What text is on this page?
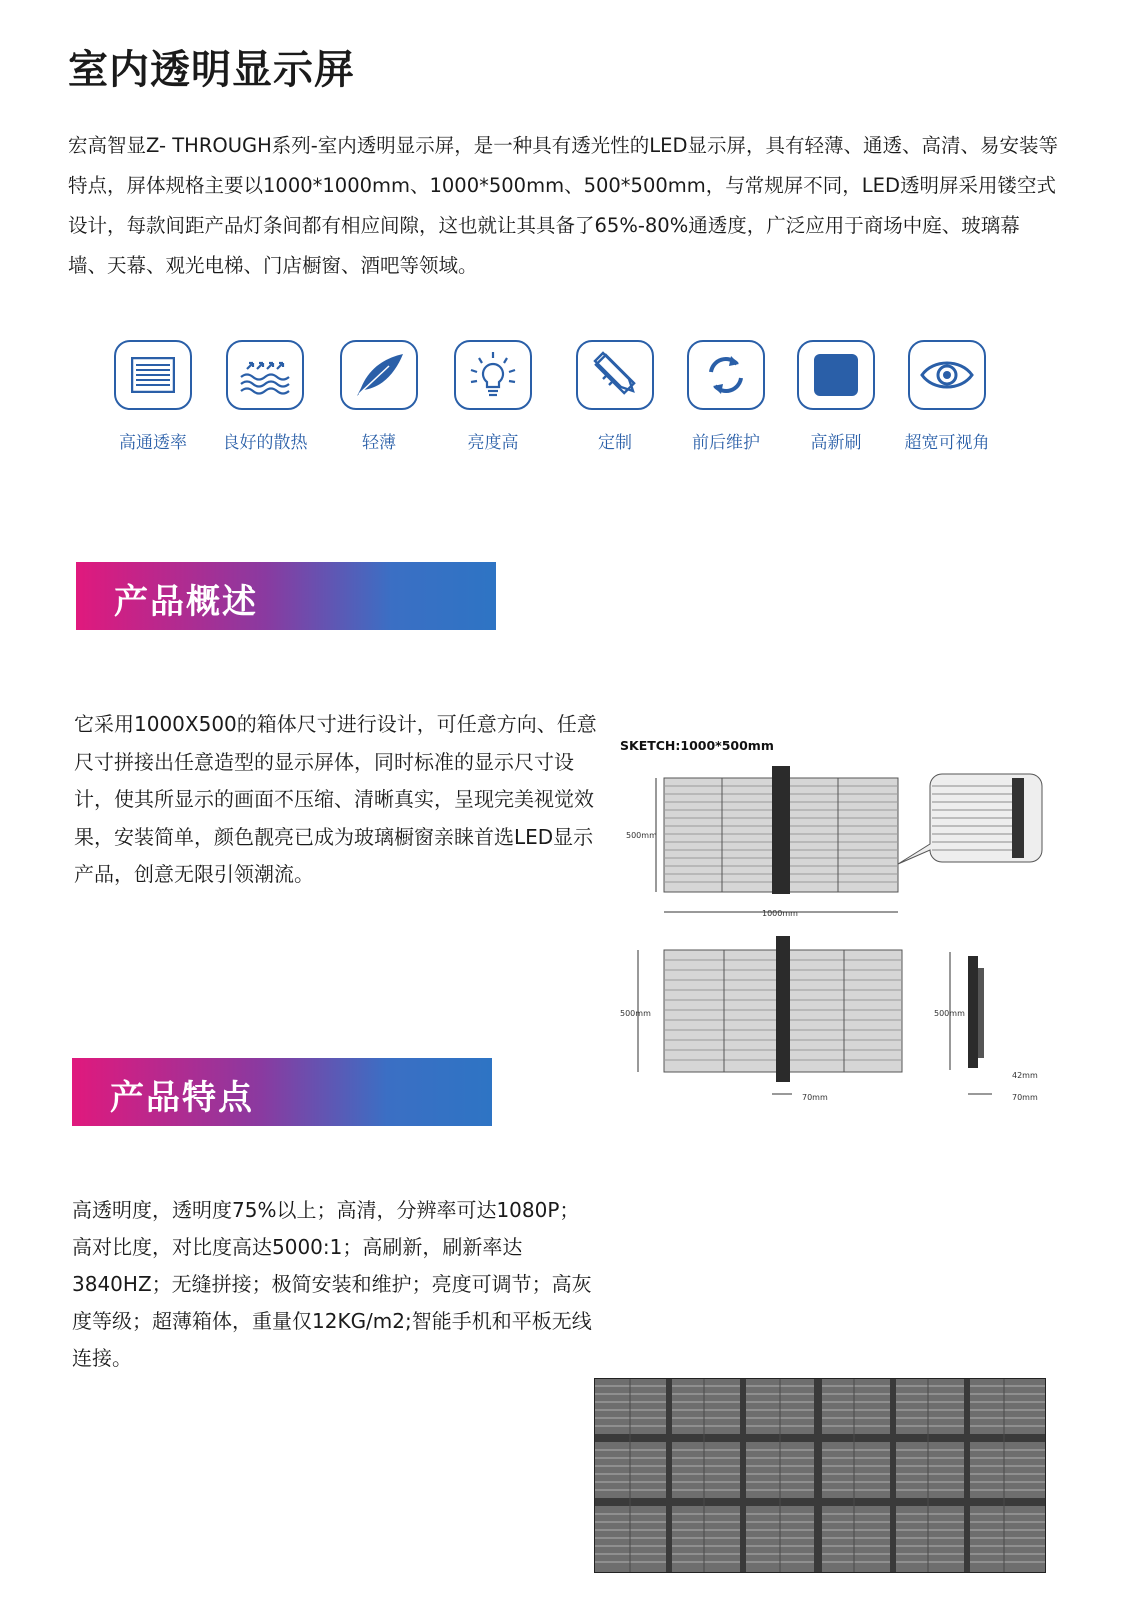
室内透明显示屏
宏高智显Z- THROUGH系列-室内透明显示屏，是一种具有透光性的LED显示屏，具有轻薄、通透、高清、易安装等特点，屏体规格主要以1000*1000mm、1000*500mm、500*500mm，与常规屏不同，LED透明屏采用镂空式设计，每款间距产品灯条间都有相应间隙，这也就让其具备了65%-80%通透度，广泛应用于商场中庭、玻璃幕墙、天幕、观光电梯、门店橱窗、酒吧等领域。
高通透率	良好的散热	轻薄	亮度高	定制	前后维护	高新刷	超宽可视角
产品概述
它采用1000X500的箱体尺寸进行设计，可任意方向、任意尺寸拼接出任意造型的显示屏体，同时标准的显示尺寸设计，使其所显示的画面不压缩、清晰真实，呈现完美视觉效果，安装简单，颜色靓亮已成为玻璃橱窗亲睐首选LED显示产品，创意无限引领潮流。
SKETCH:1000*500mm
500mm
1000mm
500mm
70mm
500mm
42mm
70mm
产品特点
高透明度，透明度75%以上；高清，分辨率可达1080P；高对比度，对比度高达5000:1；高刷新，刷新率达3840HZ；无缝拼接；极简安装和维护；亮度可调节；高灰度等级；超薄箱体，重量仅12KG/m2;智能手机和平板无线连接。
